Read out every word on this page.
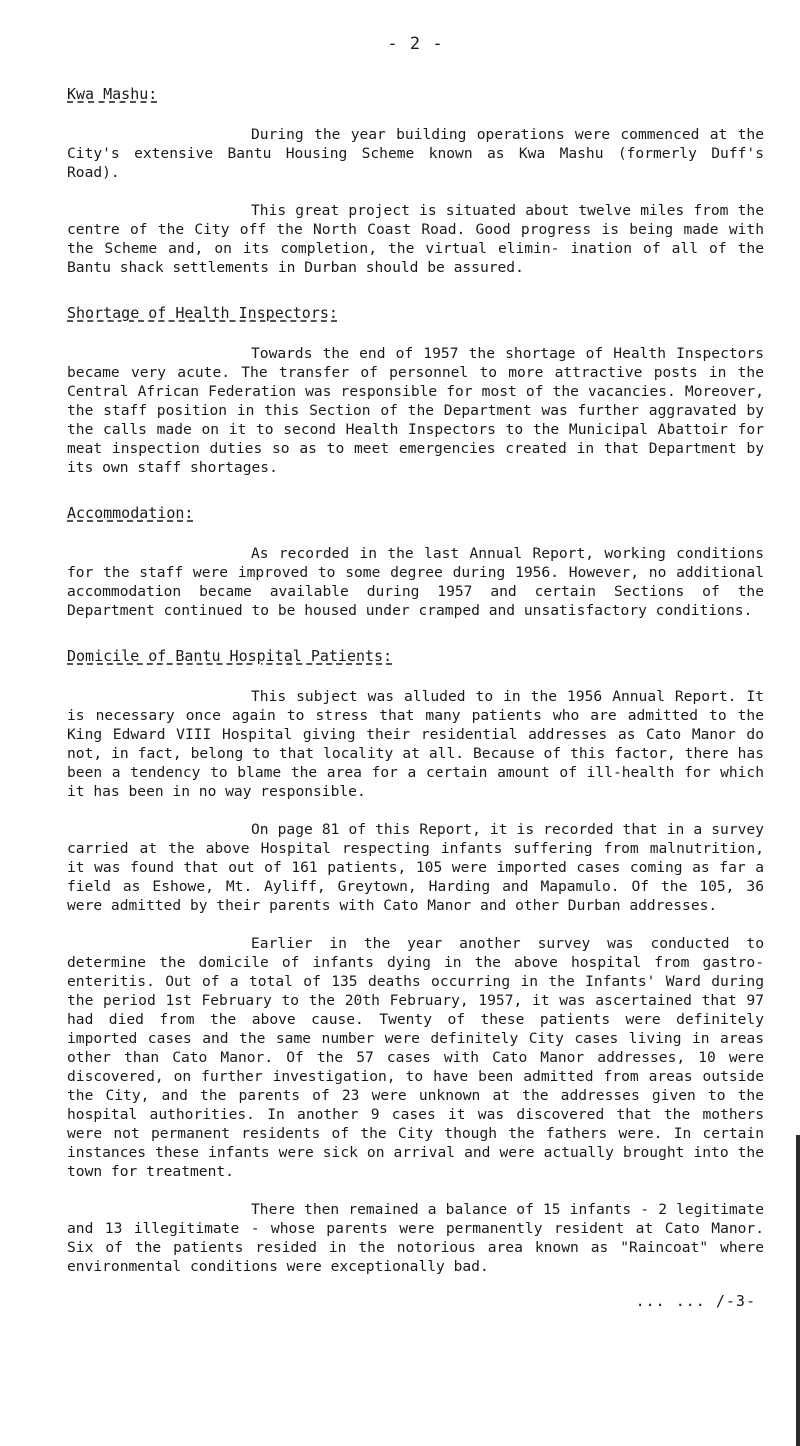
- 2 -
Kwa Mashu:

During the year building operations were commenced at the City's extensive Bantu Housing Scheme known as Kwa Mashu (formerly Duff's Road).

This great project is situated about twelve miles from the centre of the City off the North Coast Road. Good progress is being made with the Scheme and, on its completion, the virtual elimin- ination of all of the Bantu shack settlements in Durban should be assured.

Shortage of Health Inspectors:

Towards the end of 1957 the shortage of Health Inspectors became very acute. The transfer of personnel to more attractive posts in the Central African Federation was responsible for most of the vacancies. Moreover, the staff position in this Section of the Department was further aggravated by the calls made on it to second Health Inspectors to the Municipal Abattoir for meat inspection duties so as to meet emergencies created in that Department by its own staff shortages.

Accommodation:

As recorded in the last Annual Report, working conditions for the staff were improved to some degree during 1956. However, no additional accommodation became available during 1957 and certain Sections of the Department continued to be housed under cramped and unsatisfactory conditions.

Domicile of Bantu Hospital Patients:

This subject was alluded to in the 1956 Annual Report. It is necessary once again to stress that many patients who are admitted to the King Edward VIII Hospital giving their residential addresses as Cato Manor do not, in fact, belong to that locality at all. Because of this factor, there has been a tendency to blame the area for a certain amount of ill-health for which it has been in no way responsible.

On page 81 of this Report, it is recorded that in a survey carried at the above Hospital respecting infants suffering from malnutrition, it was found that out of 161 patients, 105 were imported cases coming as far a field as Eshowe, Mt. Ayliff, Greytown, Harding and Mapamulo. Of the 105, 36 were admitted by their parents with Cato Manor and other Durban addresses.

Earlier in the year another survey was conducted to determine the domicile of infants dying in the above hospital from gastro- enteritis. Out of a total of 135 deaths occurring in the Infants' Ward during the period 1st February to the 20th February, 1957, it was ascertained that 97 had died from the above cause. Twenty of these patients were definitely imported cases and the same number were definitely City cases living in areas other than Cato Manor. Of the 57 cases with Cato Manor addresses, 10 were discovered, on further investigation, to have been admitted from areas outside the City, and the parents of 23 were unknown at the addresses given to the hospital authorities. In another 9 cases it was discovered that the mothers were not permanent residents of the City though the fathers were. In certain instances these infants were sick on arrival and were actually brought into the town for treatment.

There then remained a balance of 15 infants - 2 legitimate and 13 illegitimate - whose parents were permanently resident at Cato Manor. Six of the patients resided in the notorious area known as "Raincoat" where environmental conditions were exceptionally bad.

... ... /-3-
